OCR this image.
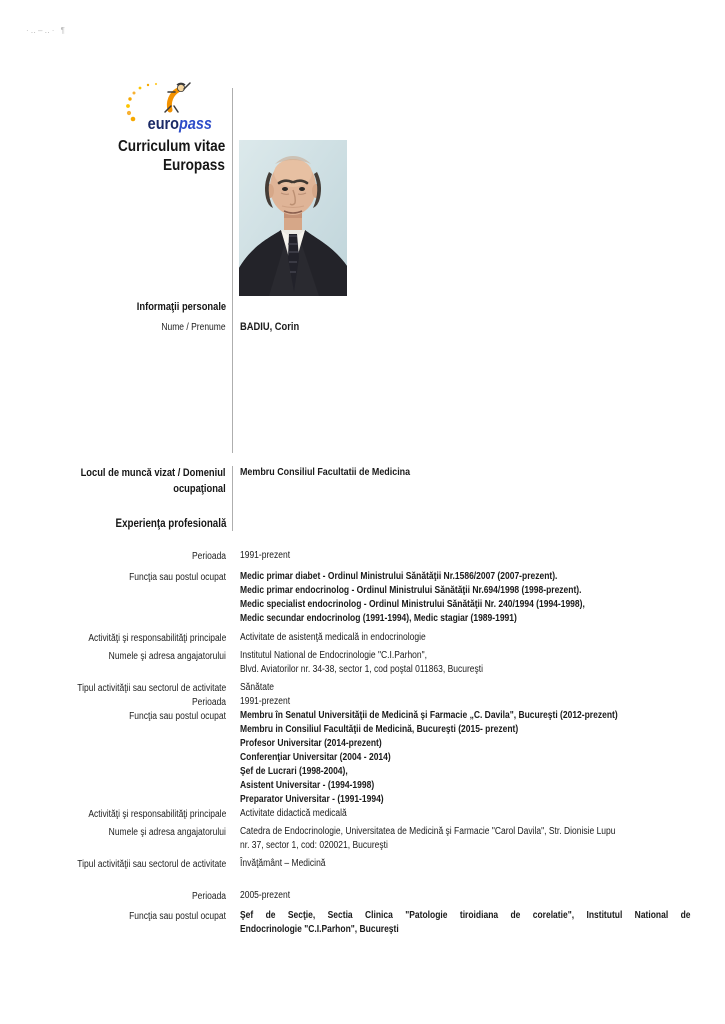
·‥–‥· ¶
europass
Curriculum vitae
Europass
Informaţii personale
Nume / Prenume BADIU, Corin
Locul de muncă vizat / Domeniul
ocupaţional
Membru Consiliul Facultatii de Medicina
Experienţa profesională
Perioada 1991-prezent
Funcţia sau postul ocupat Medic primar diabet - Ordinul Ministrului Sănătăţii Nr.1586/2007 (2007-prezent).
Medic primar endocrinolog - Ordinul Ministrului Sănătăţii Nr.694/1998 (1998-prezent).
Medic specialist endocrinolog - Ordinul Ministrului Sănătăţii Nr. 240/1994 (1994-1998),
Medic secundar endocrinolog (1991-1994), Medic stagiar (1989-1991)
Activităţi şi responsabilităţi principale Activitate de asistenţă medicală in endocrinologie
Numele şi adresa angajatorului Institutul National de Endocrinologie "C.I.Parhon",
Blvd. Aviatorilor nr. 34-38, sector 1, cod poştal 011863, Bucureşti
Tipul activităţii sau sectorul de activitate Sănătate
Perioada 1991-prezent
Funcţia sau postul ocupat Membru în Senatul Universităţii de Medicină şi Farmacie „C. Davila", Bucureşti (2012-prezent)
Membru in Consiliul Facultăţii de Medicină, Bucureşti (2015- prezent)
Profesor Universitar (2014-prezent)
Conferenţiar Universitar (2004 - 2014)
Şef de Lucrari (1998-2004),
Asistent Universitar - (1994-1998)
Preparator Universitar - (1991-1994)
Activităţi şi responsabilităţi principale Activitate didactică medicală
Numele şi adresa angajatorului Catedra de Endocrinologie, Universitatea de Medicină şi Farmacie "Carol Davila", Str. Dionisie Lupu
nr. 37, sector 1, cod: 020021, Bucureşti
Tipul activităţii sau sectorul de activitate Învăţământ – Medicină
Perioada 2005-prezent
Funcţia sau postul ocupat Şef de Secţie, Sectia Clinica "Patologie tiroidiana de corelatie", Institutul National de
Endocrinologie "C.I.Parhon", Bucureşti
